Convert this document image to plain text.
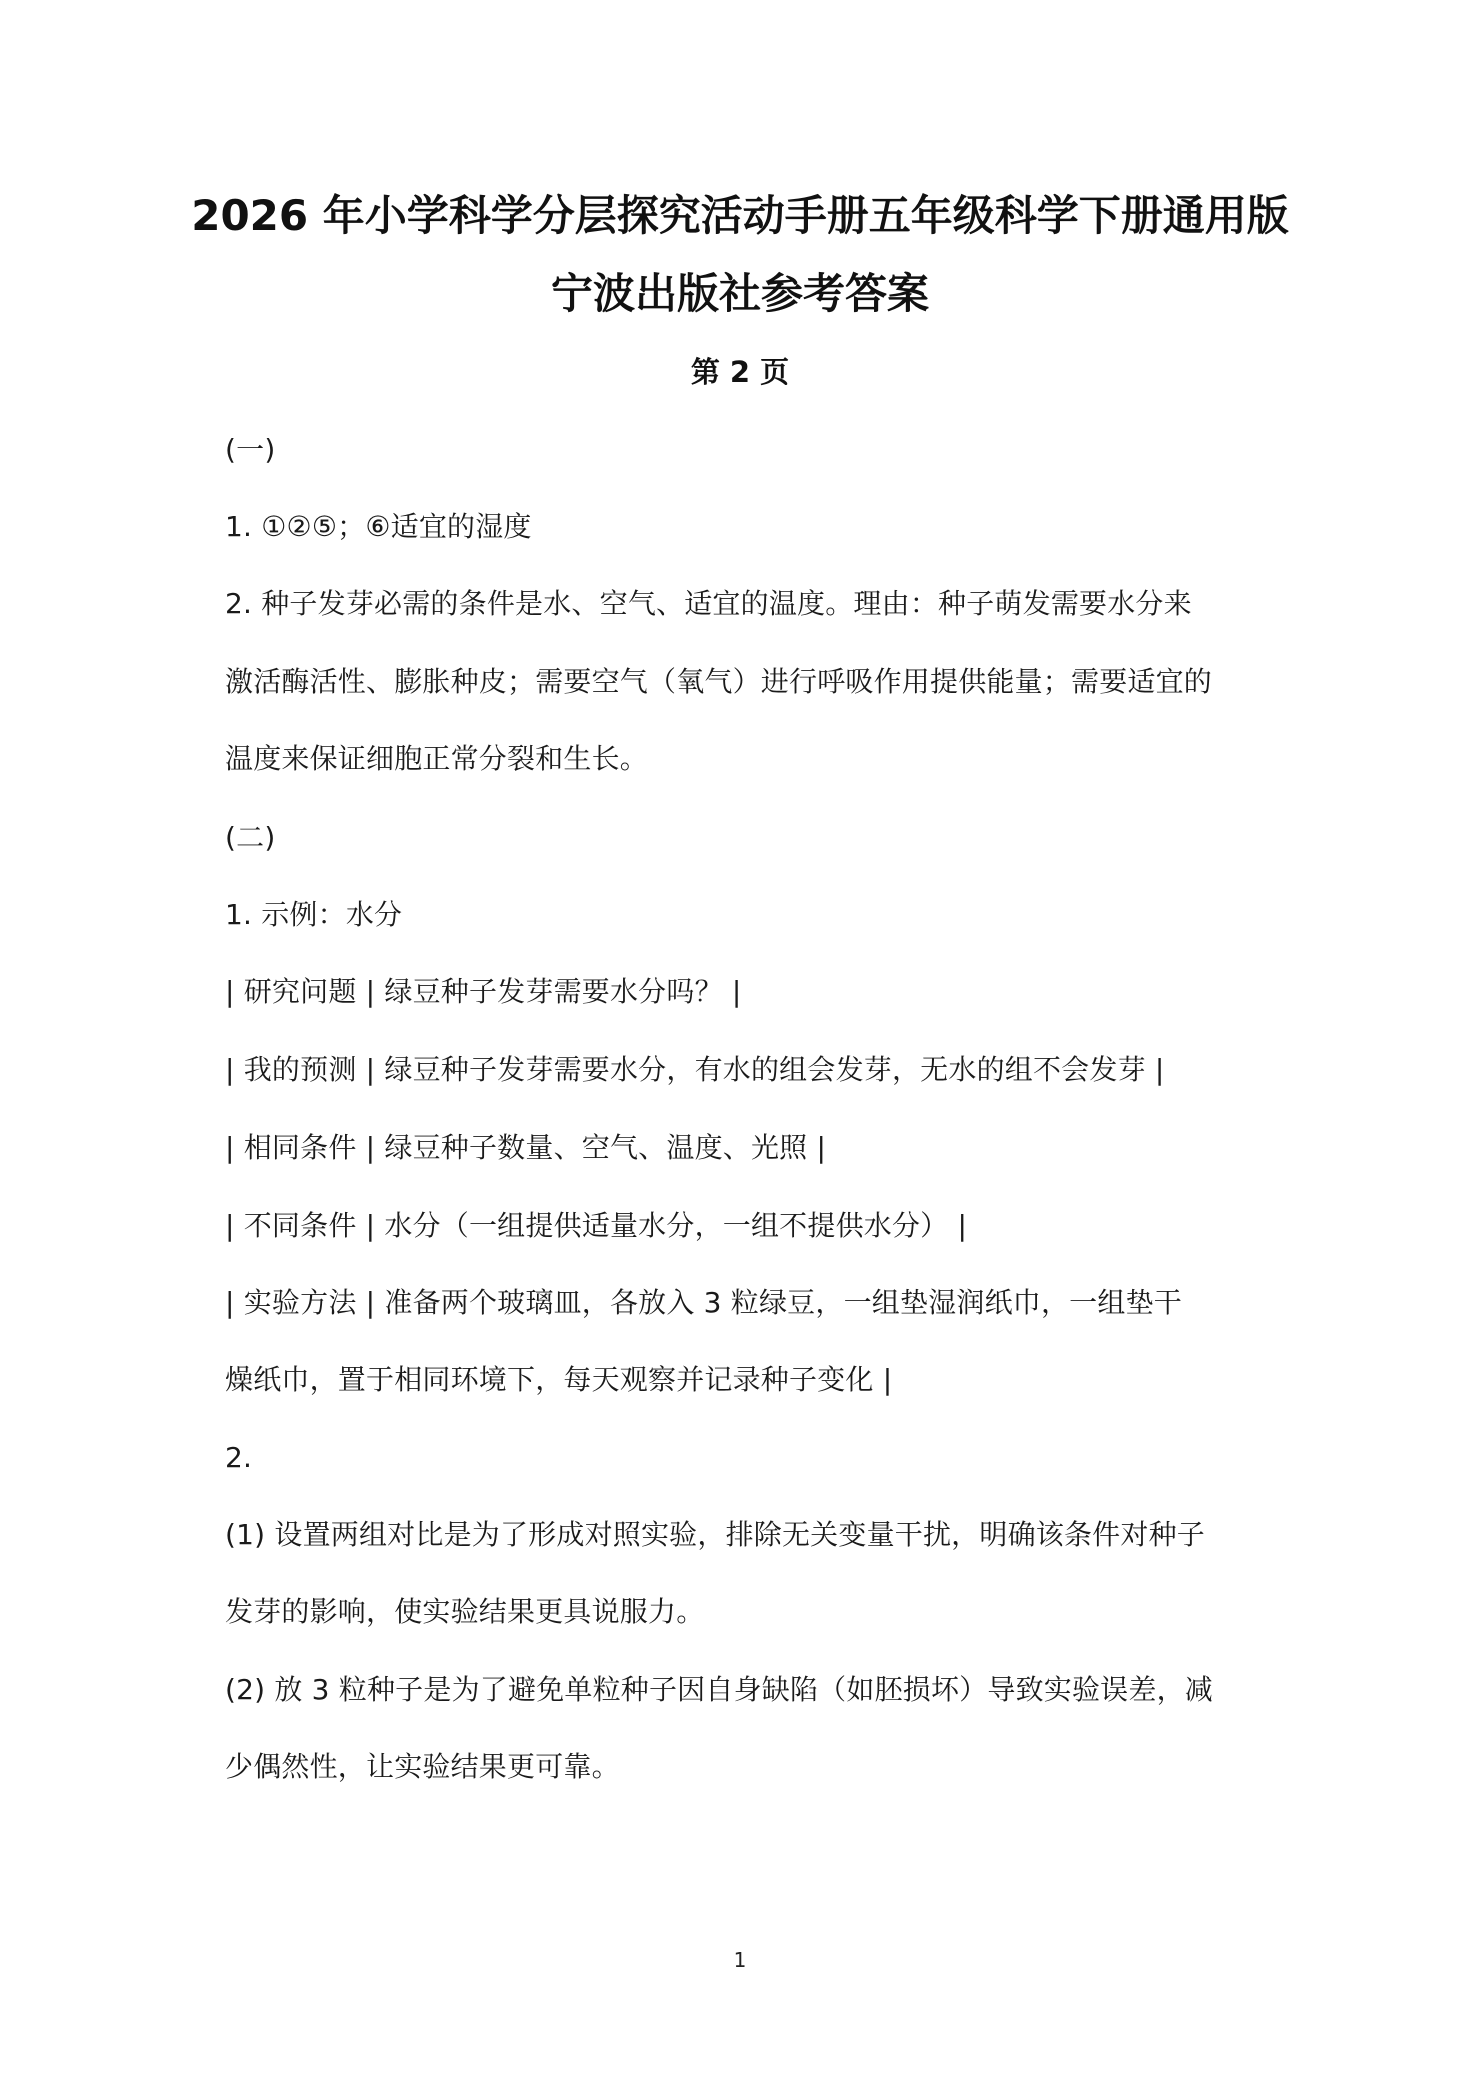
2026 年小学科学分层探究活动手册五年级科学下册通用版
宁波出版社参考答案
第 2 页
(一)
1. ①②⑤；⑥适宜的湿度
2. 种子发芽必需的条件是水、空气、适宜的温度。理由：种子萌发需要水分来
激活酶活性、膨胀种皮；需要空气（氧气）进行呼吸作用提供能量；需要适宜的
温度来保证细胞正常分裂和生长。
(二)
1. 示例：水分
| 研究问题 | 绿豆种子发芽需要水分吗？ |
| 我的预测 | 绿豆种子发芽需要水分，有水的组会发芽，无水的组不会发芽 |
| 相同条件 | 绿豆种子数量、空气、温度、光照 |
| 不同条件 | 水分（一组提供适量水分，一组不提供水分） |
| 实验方法 | 准备两个玻璃皿，各放入 3 粒绿豆，一组垫湿润纸巾，一组垫干
燥纸巾，置于相同环境下，每天观察并记录种子变化 |
2.
(1) 设置两组对比是为了形成对照实验，排除无关变量干扰，明确该条件对种子
发芽的影响，使实验结果更具说服力。
(2) 放 3 粒种子是为了避免单粒种子因自身缺陷（如胚损坏）导致实验误差，减
少偶然性，让实验结果更可靠。
1
